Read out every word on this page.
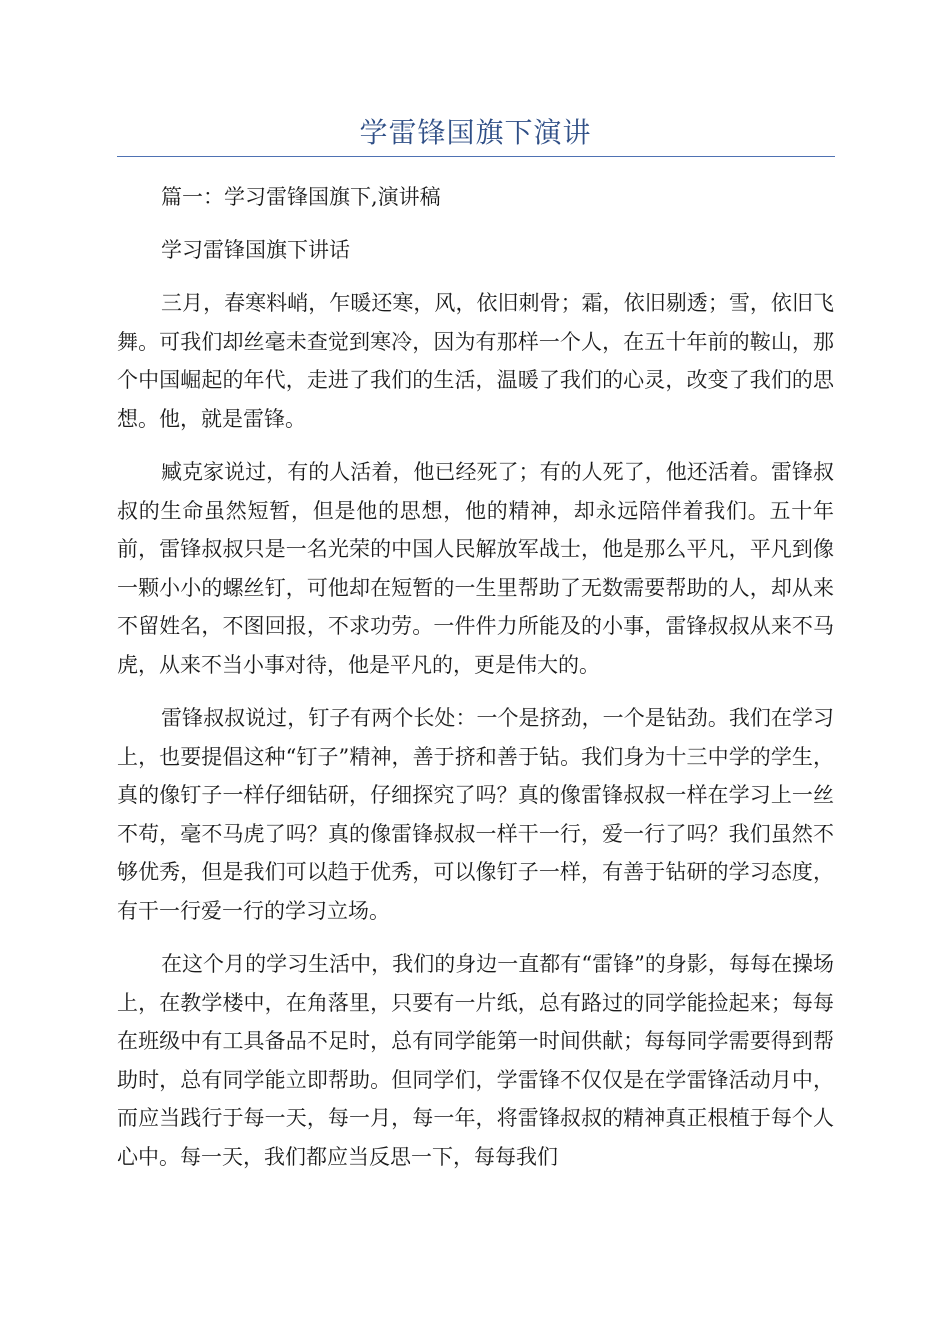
学雷锋国旗下演讲

篇一：学习雷锋国旗下,演讲稿

学习雷锋国旗下讲话

三月，春寒料峭，乍暖还寒，风，依旧刺骨；霜，依旧剔透；雪，依旧飞舞。可我们却丝毫未查觉到寒冷，因为有那样一个人，在五十年前的鞍山，那个中国崛起的年代，走进了我们的生活，温暖了我们的心灵，改变了我们的思想。他，就是雷锋。

臧克家说过，有的人活着，他已经死了；有的人死了，他还活着。雷锋叔叔的生命虽然短暂，但是他的思想，他的精神，却永远陪伴着我们。五十年前，雷锋叔叔只是一名光荣的中国人民解放军战士，他是那么平凡，平凡到像一颗小小的螺丝钉，可他却在短暂的一生里帮助了无数需要帮助的人，却从来不留姓名，不图回报，不求功劳。一件件力所能及的小事，雷锋叔叔从来不马虎，从来不当小事对待，他是平凡的，更是伟大的。

雷锋叔叔说过，钉子有两个长处：一个是挤劲，一个是钻劲。我们在学习上，也要提倡这种“钉子”精神，善于挤和善于钻。我们身为十三中学的学生，真的像钉子一样仔细钻研，仔细探究了吗？真的像雷锋叔叔一样在学习上一丝不苟，毫不马虎了吗？真的像雷锋叔叔一样干一行，爱一行了吗？我们虽然不够优秀，但是我们可以趋于优秀，可以像钉子一样，有善于钻研的学习态度，有干一行爱一行的学习立场。

在这个月的学习生活中，我们的身边一直都有“雷锋”的身影，每每在操场上，在教学楼中，在角落里，只要有一片纸，总有路过的同学能捡起来；每每在班级中有工具备品不足时，总有同学能第一时间供献；每每同学需要得到帮助时，总有同学能立即帮助。但同学们，学雷锋不仅仅是在学雷锋活动月中，而应当践行于每一天，每一月，每一年，将雷锋叔叔的精神真正根植于每个人心中。每一天，我们都应当反思一下，每每我们
